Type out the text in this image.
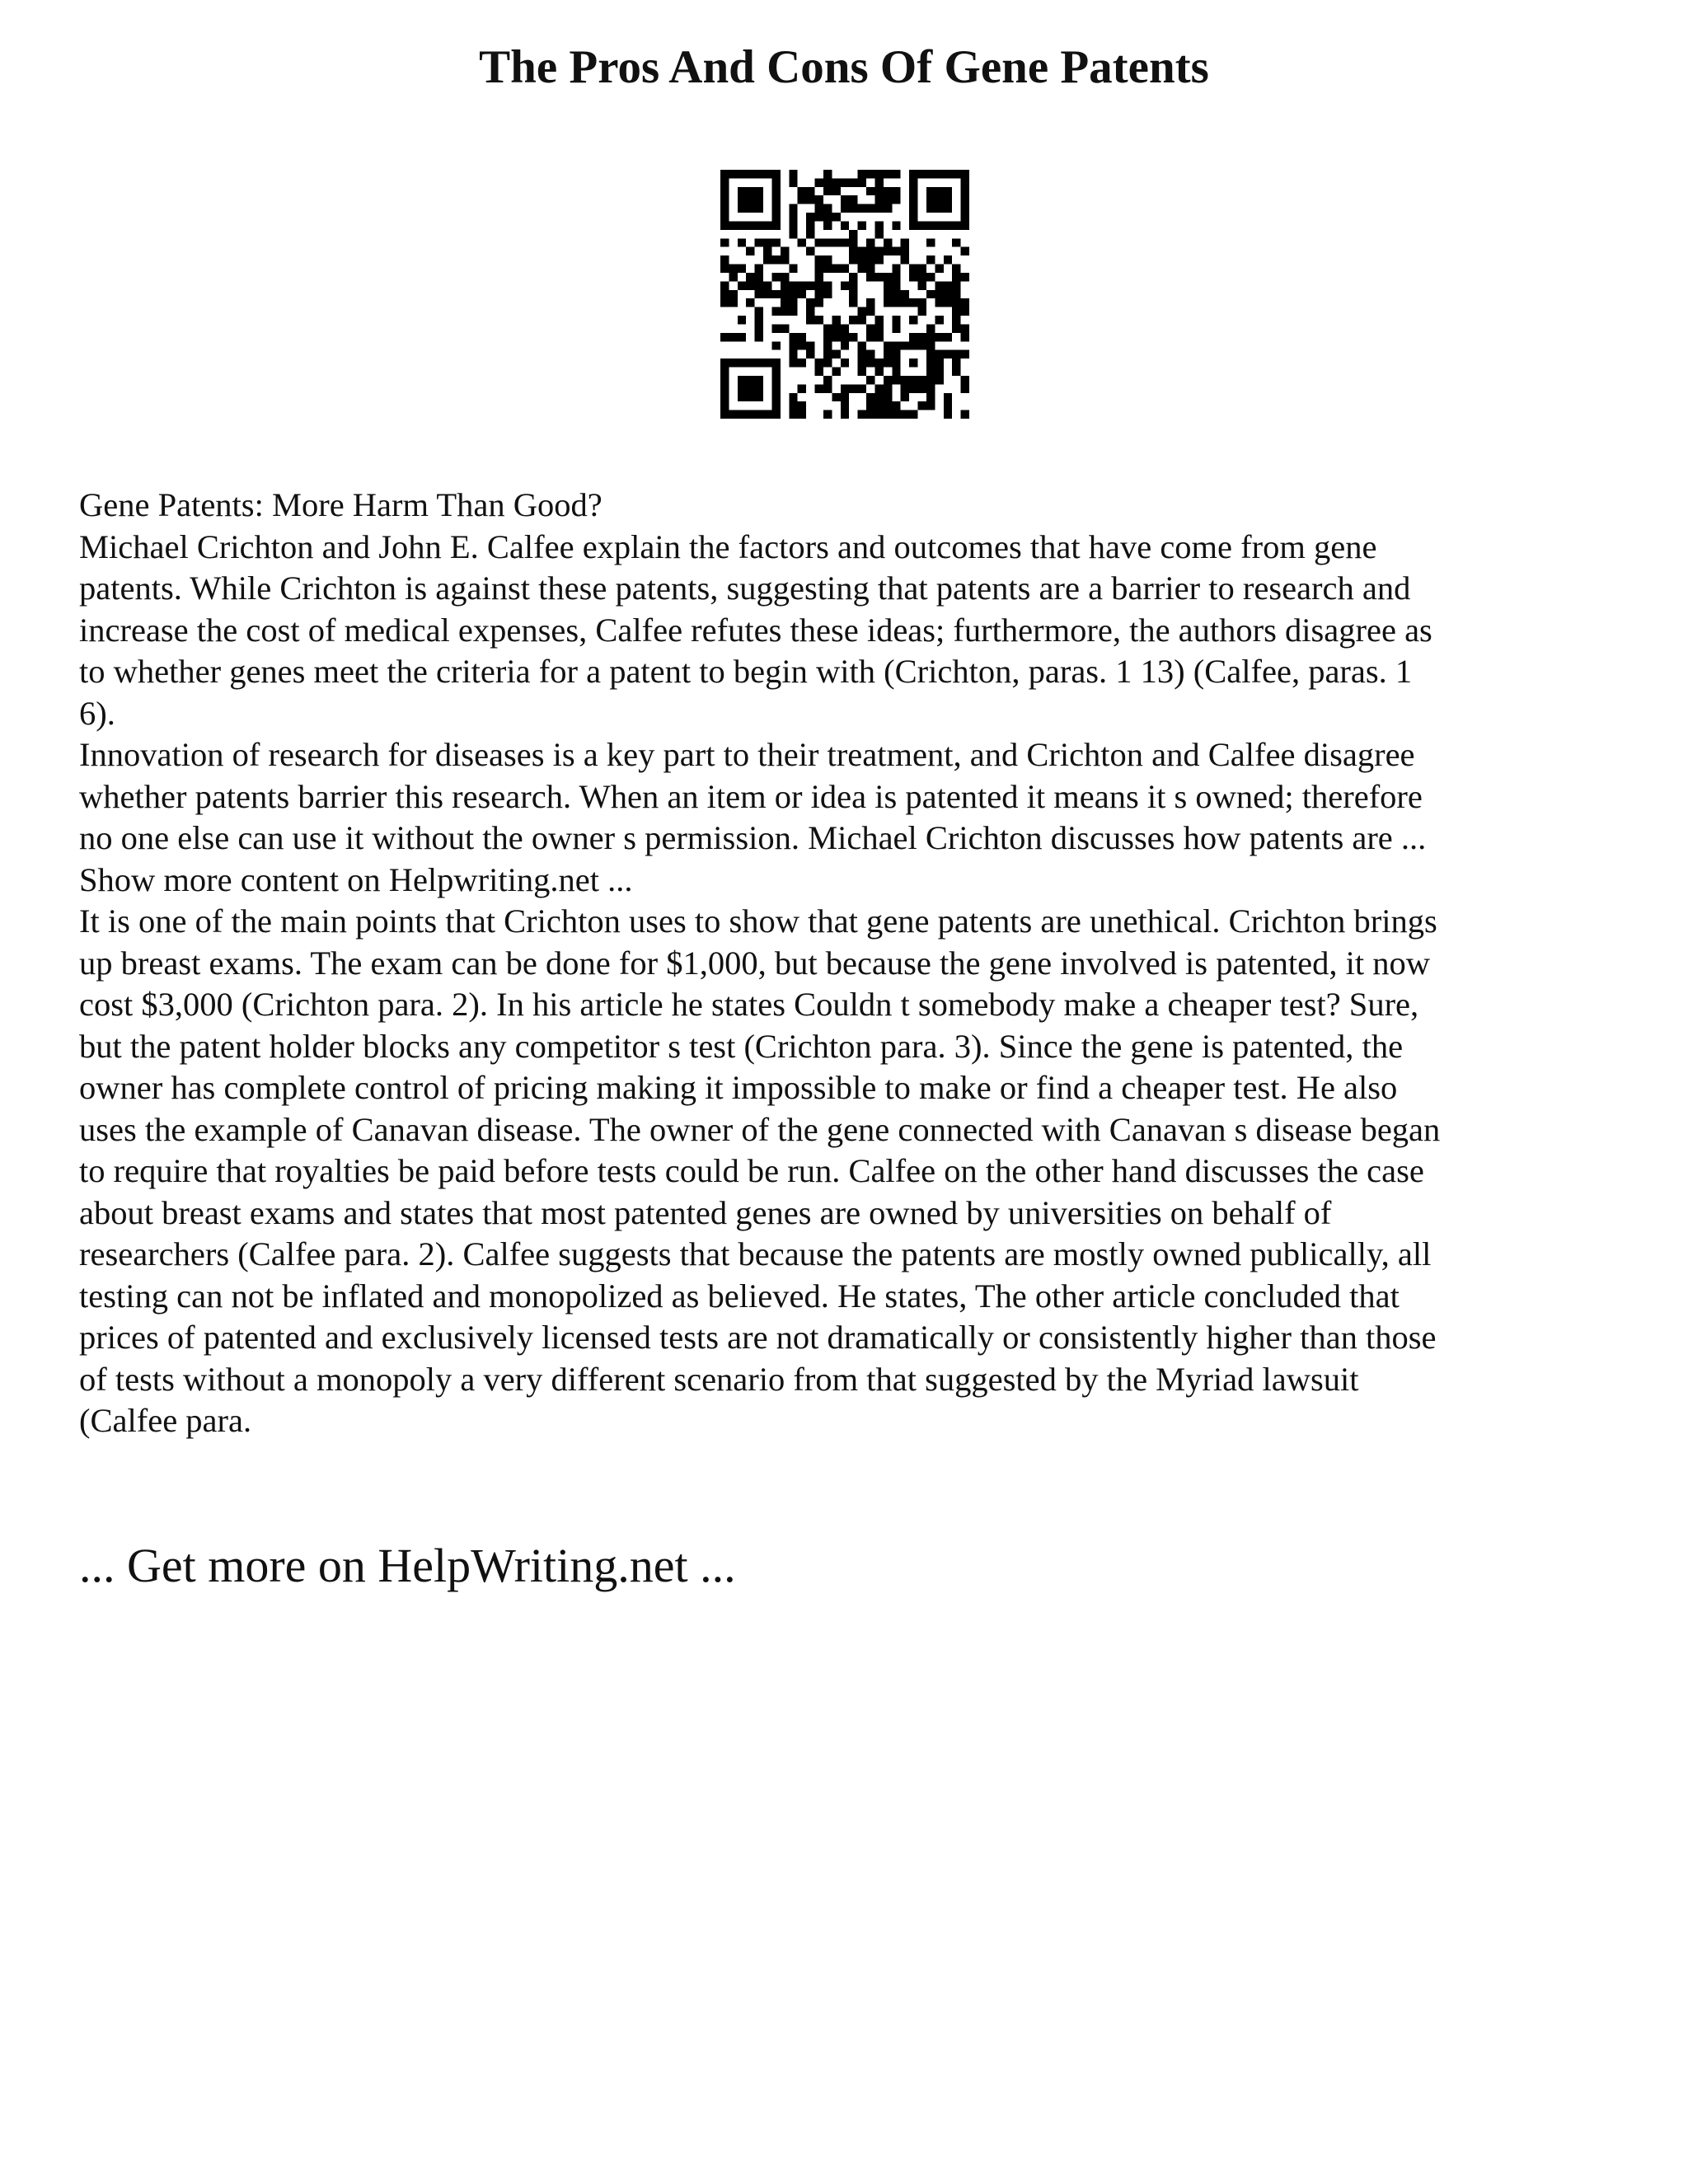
The Pros And Cons Of Gene Patents

Gene Patents: More Harm Than Good?

Michael Crichton and John E. Calfee explain the factors and outcomes that have come from gene

patents. While Crichton is against these patents, suggesting that patents are a barrier to research and

increase the cost of medical expenses, Calfee refutes these ideas; furthermore, the authors disagree as

to whether genes meet the criteria for a patent to begin with (Crichton, paras. 1 13) (Calfee, paras. 1

6).

Innovation of research for diseases is a key part to their treatment, and Crichton and Calfee disagree

whether patents barrier this research. When an item or idea is patented it means it s owned; therefore

no one else can use it without the owner s permission. Michael Crichton discusses how patents are ...

Show more content on Helpwriting.net ...

It is one of the main points that Crichton uses to show that gene patents are unethical. Crichton brings

up breast exams. The exam can be done for $1,000, but because the gene involved is patented, it now

cost $3,000 (Crichton para. 2). In his article he states Couldn t somebody make a cheaper test? Sure,

but the patent holder blocks any competitor s test (Crichton para. 3). Since the gene is patented, the

owner has complete control of pricing making it impossible to make or find a cheaper test. He also

uses the example of Canavan disease. The owner of the gene connected with Canavan s disease began

to require that royalties be paid before tests could be run. Calfee on the other hand discusses the case

about breast exams and states that most patented genes are owned by universities on behalf of

researchers (Calfee para. 2). Calfee suggests that because the patents are mostly owned publically, all

testing can not be inflated and monopolized as believed. He states, The other article concluded that

prices of patented and exclusively licensed tests are not dramatically or consistently higher than those

of tests without a monopoly a very different scenario from that suggested by the Myriad lawsuit

(Calfee para.

... Get more on HelpWriting.net ...
